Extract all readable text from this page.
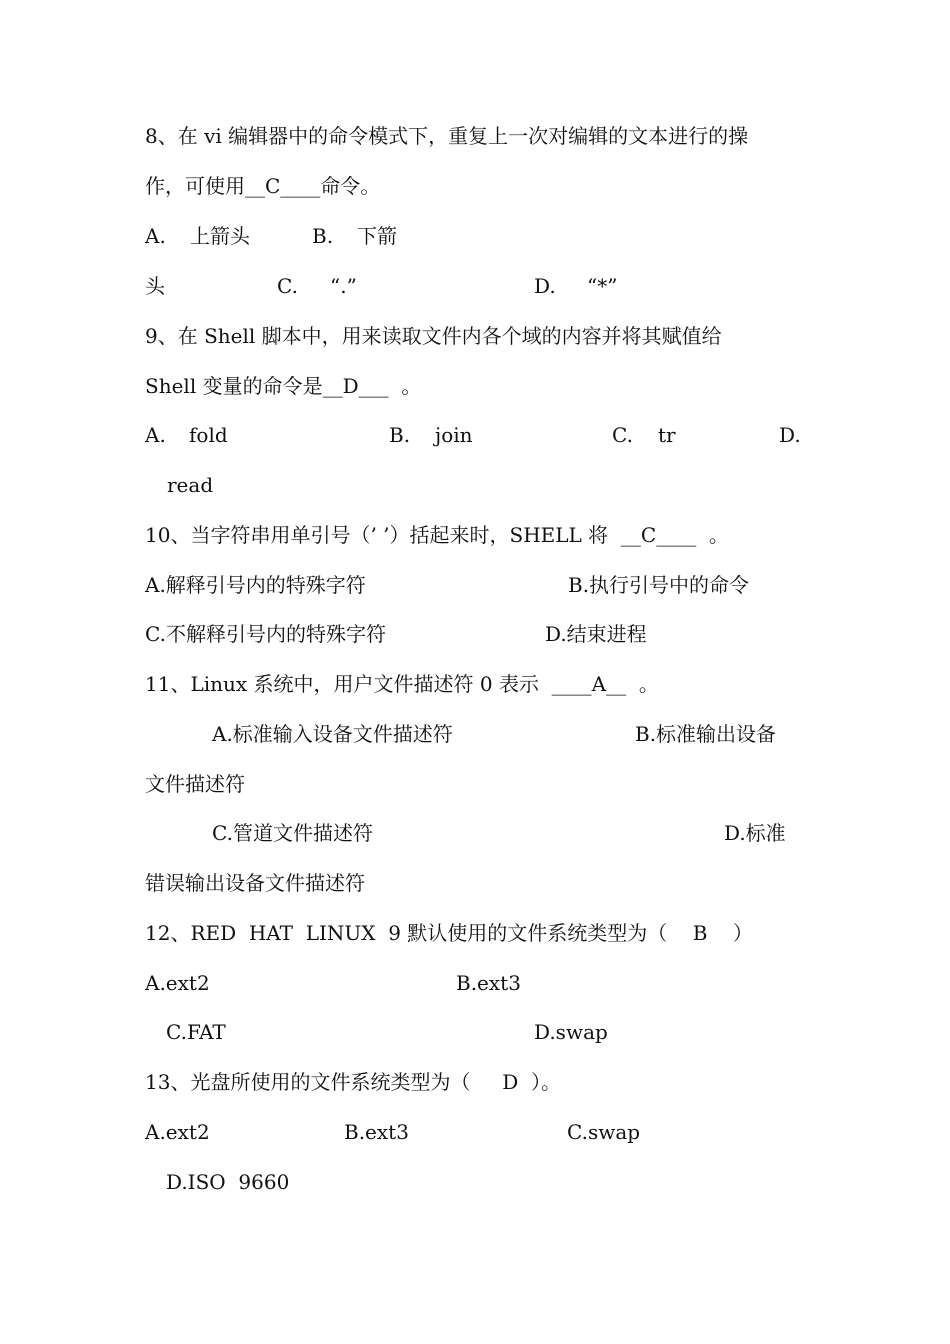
8、在 vi 编辑器中的命令模式下，重复上一次对编辑的文本进行的操

作，可使用__C____命令。

A. 上箭头	B. 下箭

头	C. “.”	D. “*”

9、在 Shell 脚本中，用来读取文件内各个域的内容并将其赋值给

Shell 变量的命令是__D___  。

A. fold	B. join	C. tr	D.

read

10、当字符串用单引号（’ ’）括起来时，SHELL 将  __C____  。

A.解释引号内的特殊字符	B.执行引号中的命令

C.不解释引号内的特殊字符	D.结束进程

11、Linux 系统中，用户文件描述符 0 表示  ____A__  。

A.标准输入设备文件描述符	B.标准输出设备

文件描述符

C.管道文件描述符	D.标准

错误输出设备文件描述符

12、RED  HAT  LINUX  9 默认使用的文件系统类型为（    B    ）

A.ext2	B.ext3

C.FAT	D.swap

13、光盘所使用的文件系统类型为（     D  ）。

A.ext2	B.ext3	C.swap

D.ISO  9660
